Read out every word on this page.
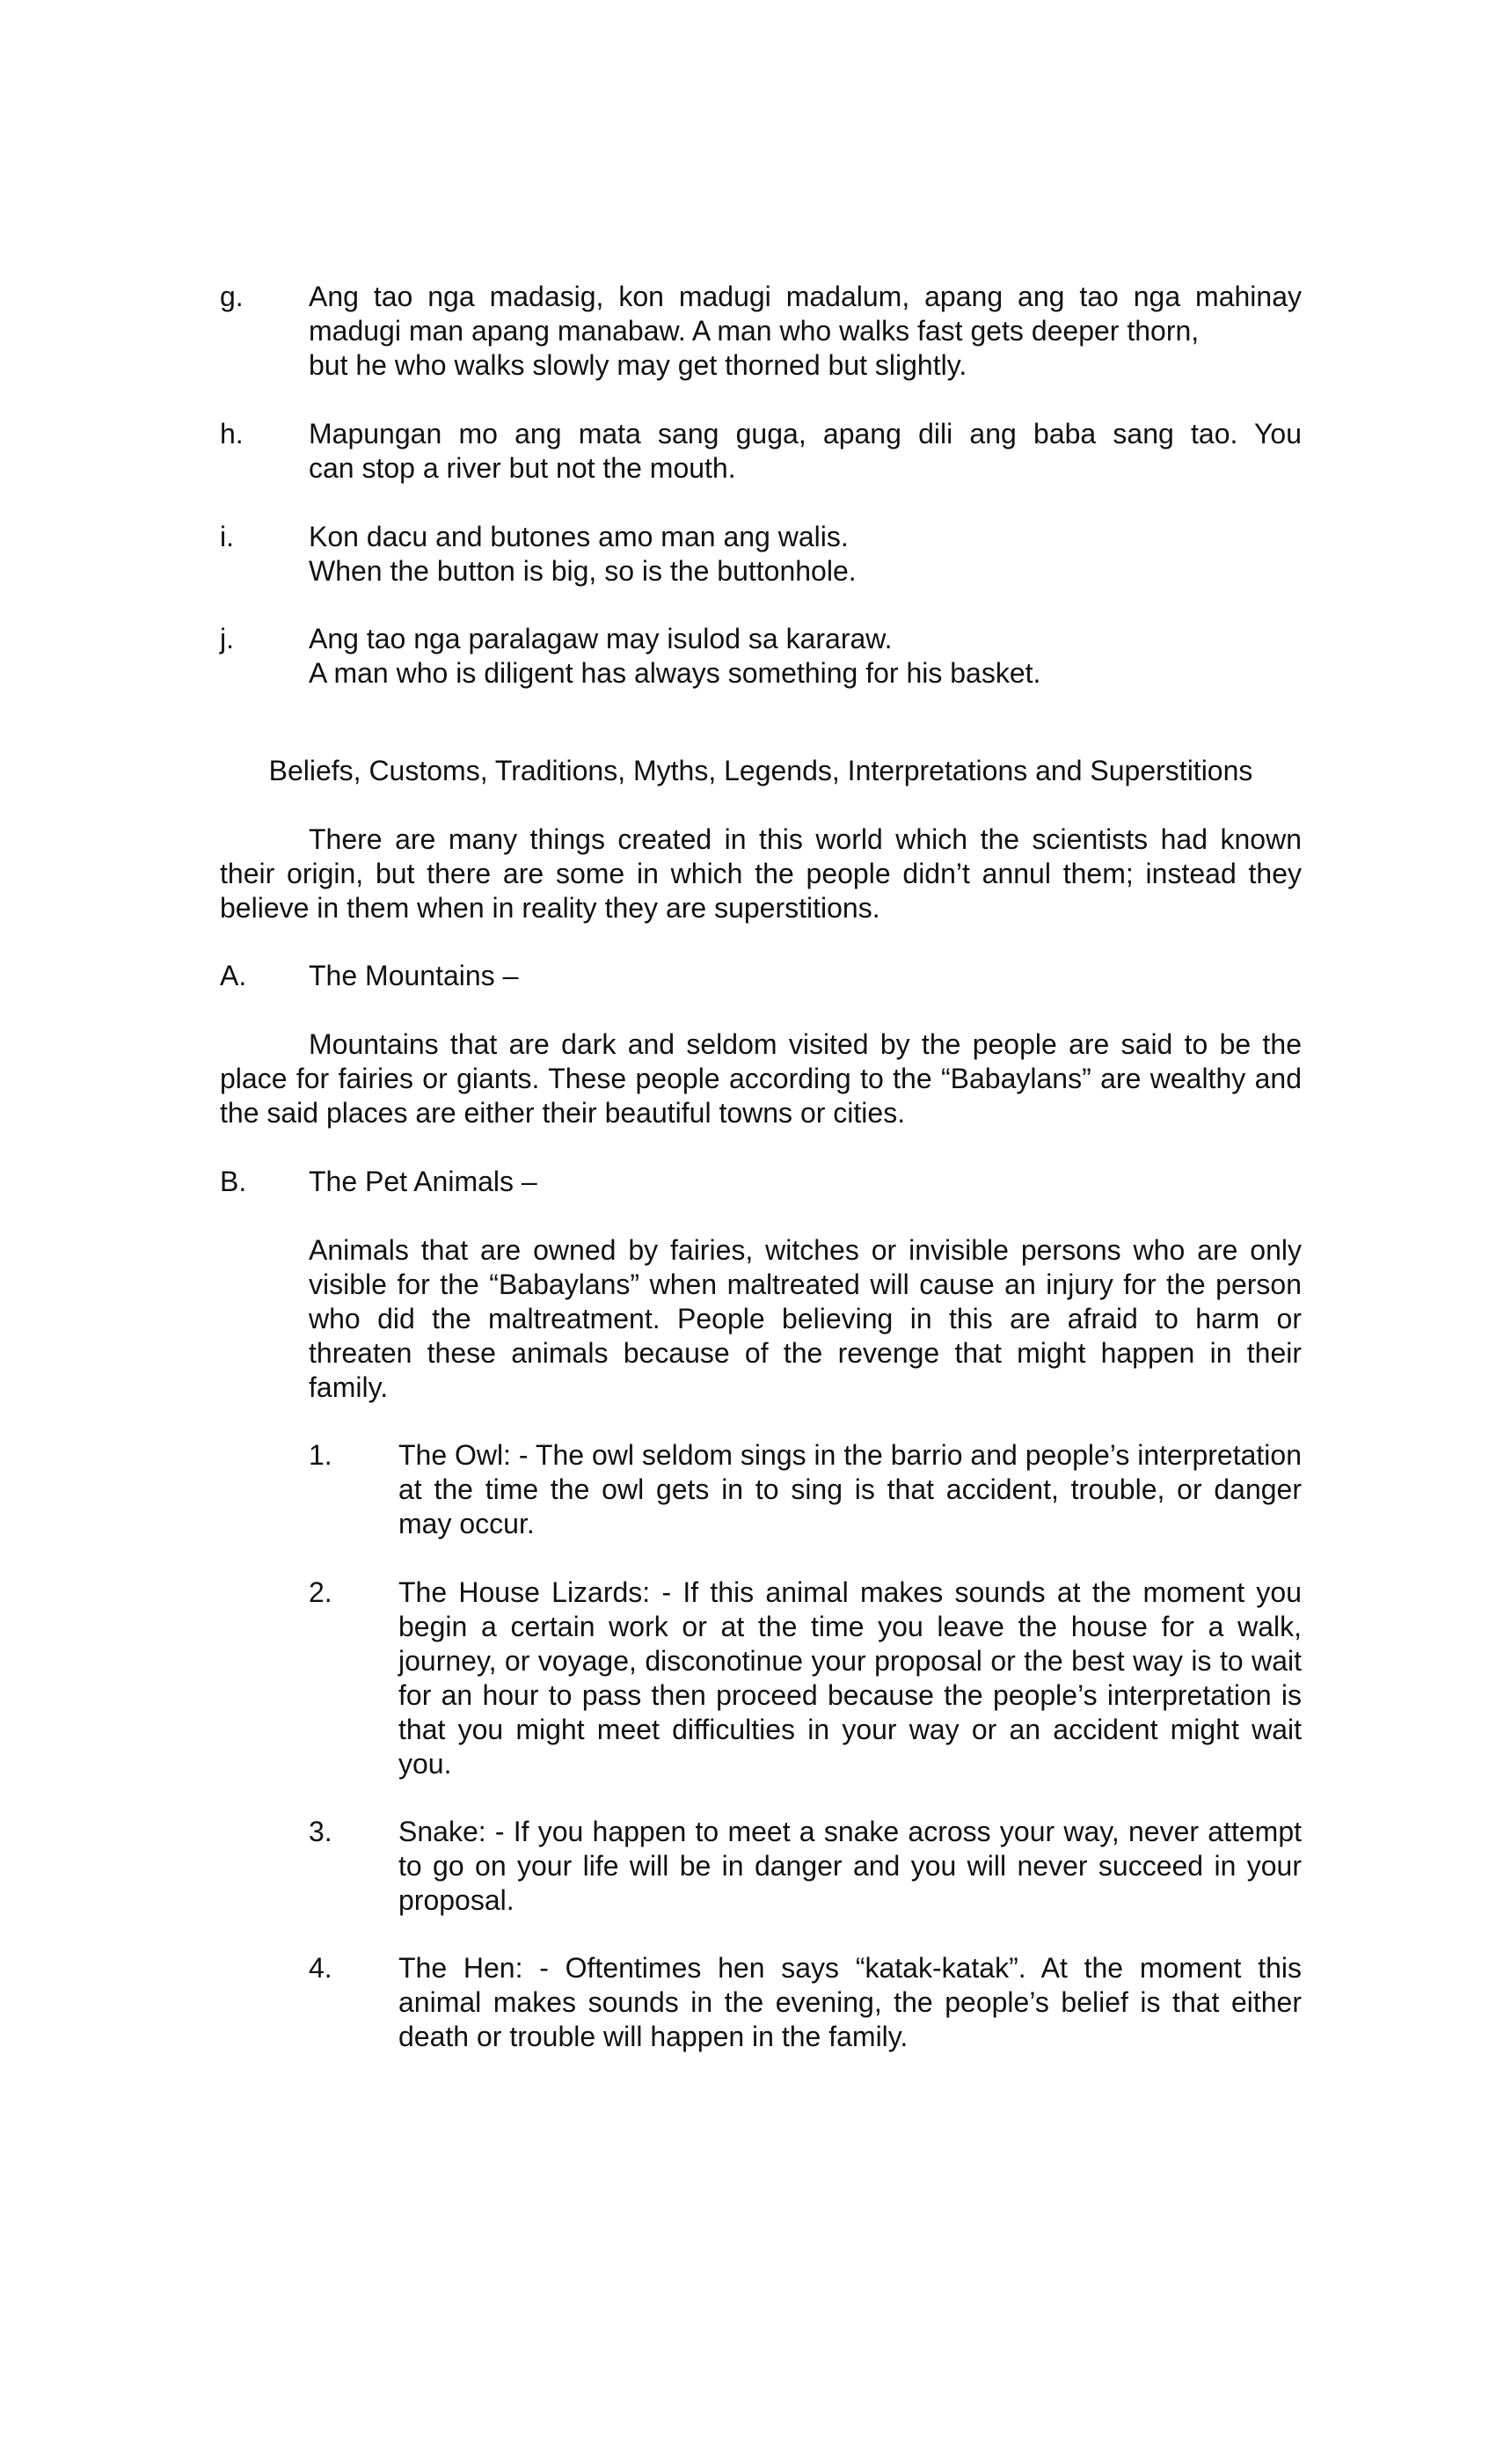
g. Ang tao nga madasig, kon madugi madalum, apang ang tao nga mahinay madugi man apang manabaw. A man who walks fast gets deeper thorn,

but he who walks slowly may get thorned but slightly.

h. Mapungan mo ang mata sang guga, apang dili ang baba sang tao. You

can stop a river but not the mouth.

i.	Kon dacu and butones amo man ang walis.

When the button is big, so is the buttonhole.

j.	Ang tao nga paralagaw may isulod sa kararaw.

A man who is diligent has always something for his basket.

Beliefs, Customs, Traditions, Myths, Legends, Interpretations and Superstitions
There are many things created in this world which the scientists had known their origin, but there are some in which the people didn’t annul them; instead they believe in them when in reality they are superstitions.
A. The Mountains –
Mountains that are dark and seldom visited by the people are said to be the place for fairies or giants. These people according to the “Babaylans” are wealthy and the said places are either their beautiful towns or cities.
B. The Pet Animals –
Animals that are owned by fairies, witches or invisible persons who are only visible for the “Babaylans” when maltreated will cause an injury for the person who did the maltreatment. People believing in this are afraid to harm or threaten these animals because of the revenge that might happen in their family.
1. The Owl: - The owl seldom sings in the barrio and people’s interpretation at the time the owl gets in to sing is that accident, trouble, or danger may occur.
2. The House Lizards: - If this animal makes sounds at the moment you begin a certain work or at the time you leave the house for a walk, journey, or voyage, disconotinue your proposal or the best way is to wait for an hour to pass then proceed because the people’s interpretation is that you might meet difficulties in your way or an accident might wait you.
3. Snake: - If you happen to meet a snake across your way, never attempt to go on your life will be in danger and you will never succeed in your proposal.
4. The Hen: - Oftentimes hen says “katak-katak”. At the moment this animal makes sounds in the evening, the people’s belief is that either death or trouble will happen in the family.
